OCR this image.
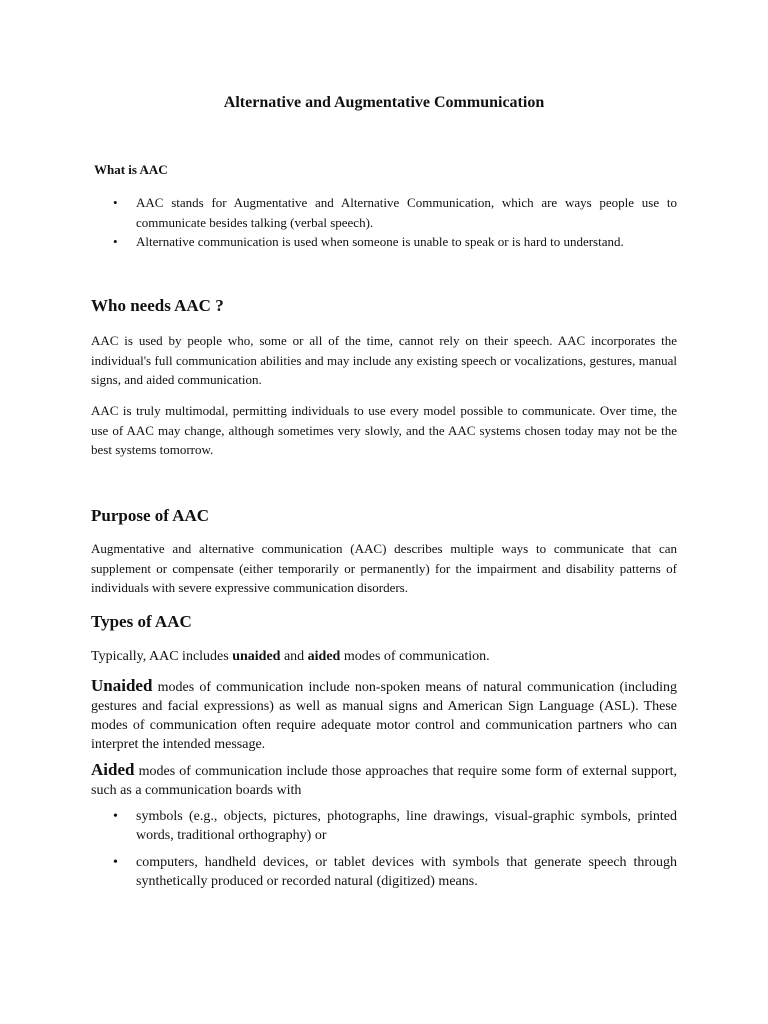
Alternative and Augmentative Communication
What is AAC
• AAC stands for Augmentative and Alternative Communication, which are ways people use to communicate besides talking (verbal speech).
• Alternative communication is used when someone is unable to speak or is hard to understand.
Who needs AAC ?

AAC is used by people who, some or all of the time, cannot rely on their speech. AAC incorporates the individual's full communication abilities and may include any existing speech or vocalizations, gestures, manual signs, and aided communication.

AAC is truly multimodal, permitting individuals to use every model possible to communicate. Over time, the use of AAC may change, although sometimes very slowly, and the AAC systems chosen today may not be the best systems tomorrow.

Purpose of AAC

Augmentative and alternative communication (AAC) describes multiple ways to communicate that can supplement or compensate (either temporarily or permanently) for the impairment and disability patterns of individuals with severe expressive communication disorders.

Types of AAC

Typically, AAC includes unaided and aided modes of communication.

Unaided modes of communication include non-spoken means of natural communication (including gestures and facial expressions) as well as manual signs and American Sign Language (ASL). These modes of communication often require adequate motor control and communication partners who can interpret the intended message.

Aided modes of communication include those approaches that require some form of external support, such as a communication boards with

• symbols (e.g., objects, pictures, photographs, line drawings, visual-graphic symbols, printed words, traditional orthography) or
• computers, handheld devices, or tablet devices with symbols that generate speech through synthetically produced or recorded natural (digitized) means.
